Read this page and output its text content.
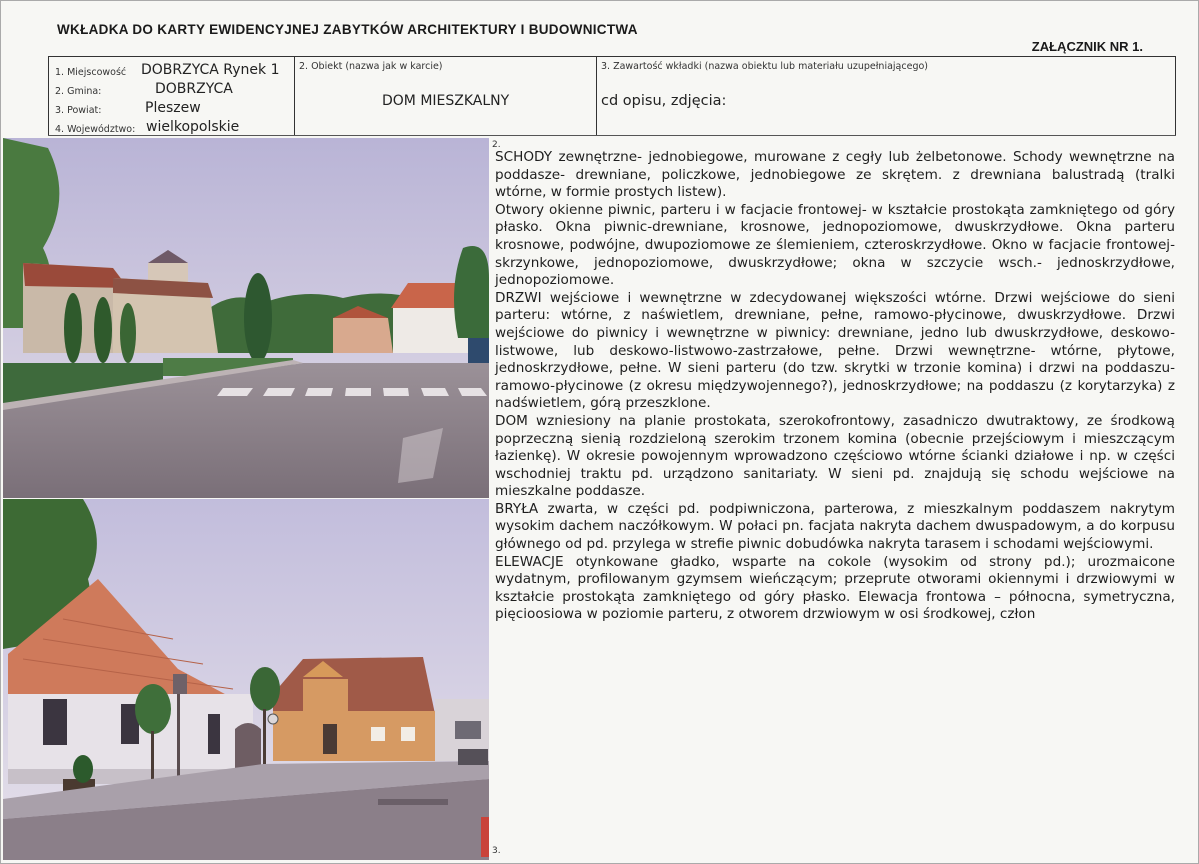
WKŁADKA DO KARTY EWIDENCYJNEJ ZABYTKÓW ARCHITEKTURY I BUDOWNICTWA
ZAŁĄCZNIK NR 1.
1. Miejscowość DOBRZYCA Rynek 1
2. Gmina:	DOBRZYCA
3. Powiat:	Pleszew
4. Województwo: wielkopolskie
2. Obiekt (nazwa jak w karcie)
DOM MIESZKALNY
3. Zawartość wkładki (nazwa obiektu lub materiału uzupełniającego)
cd opisu, zdjęcia:
2.
3.

SCHODY zewnętrzne- jednobiegowe, murowane z cegły lub żelbetonowe. Schody wewnętrzne na poddasze- drewniane, policzkowe, jednobiegowe ze skrętem. z drewniana balustradą (tralki wtórne, w formie prostych listew).

Otwory okienne piwnic, parteru i w facjacie frontowej- w kształcie prostokąta zamkniętego od góry płasko. Okna piwnic-drewniane, krosnowe, jednopoziomowe, dwuskrzydłowe. Okna parteru krosnowe, podwójne, dwupoziomowe ze ślemieniem, czteroskrzydłowe. Okno w facjacie frontowej- skrzynkowe, jednopoziomowe, dwuskrzydłowe; okna w szczycie wsch.- jednoskrzydłowe, jednopoziomowe.

DRZWI wejściowe i wewnętrzne w zdecydowanej większości wtórne. Drzwi wejściowe do sieni parteru: wtórne, z naświetlem, drewniane, pełne, ramowo-płycinowe, dwuskrzydłowe. Drzwi wejściowe do piwnicy i wewnętrzne w piwnicy: drewniane, jedno lub dwuskrzydłowe, deskowo-listwowe, lub deskowo-listwowo-zastrzałowe, pełne. Drzwi wewnętrzne- wtórne, płytowe, jednoskrzydłowe, pełne. W sieni parteru (do tzw. skrytki w trzonie komina) i drzwi na poddaszu- ramowo-płycinowe (z okresu międzywojennego?), jednoskrzydłowe; na poddaszu (z korytarzyka) z nadświetlem, górą przeszklone.

DOM wzniesiony na planie prostokata, szerokofrontowy, zasadniczo dwutraktowy, ze środkową poprzeczną sienią rozdzieloną szerokim trzonem komina (obecnie przejściowym i mieszczącym łazienkę). W okresie powojennym wprowadzono częściowo wtórne ścianki działowe i np. w części wschodniej traktu pd. urządzono sanitariaty. W sieni pd. znajdują się schodu wejściowe na mieszkalne poddasze.

BRYŁA zwarta, w części pd. podpiwniczona, parterowa, z mieszkalnym poddaszem nakrytym wysokim dachem naczółkowym. W połaci pn. facjata nakryta dachem dwuspadowym, a do korpusu głównego od pd. przylega w strefie piwnic dobudówka nakryta tarasem i schodami wejściowymi.

ELEWACJE otynkowane gładko, wsparte na cokole (wysokim od strony pd.); urozmaicone wydatnym, profilowanym gzymsem wieńczącym; przeprute otworami okiennymi i drzwiowymi w kształcie prostokąta zamkniętego od góry płasko. Elewacja frontowa – północna, symetryczna, pięcioosiowa w poziomie parteru, z otworem drzwiowym w osi środkowej, człon
